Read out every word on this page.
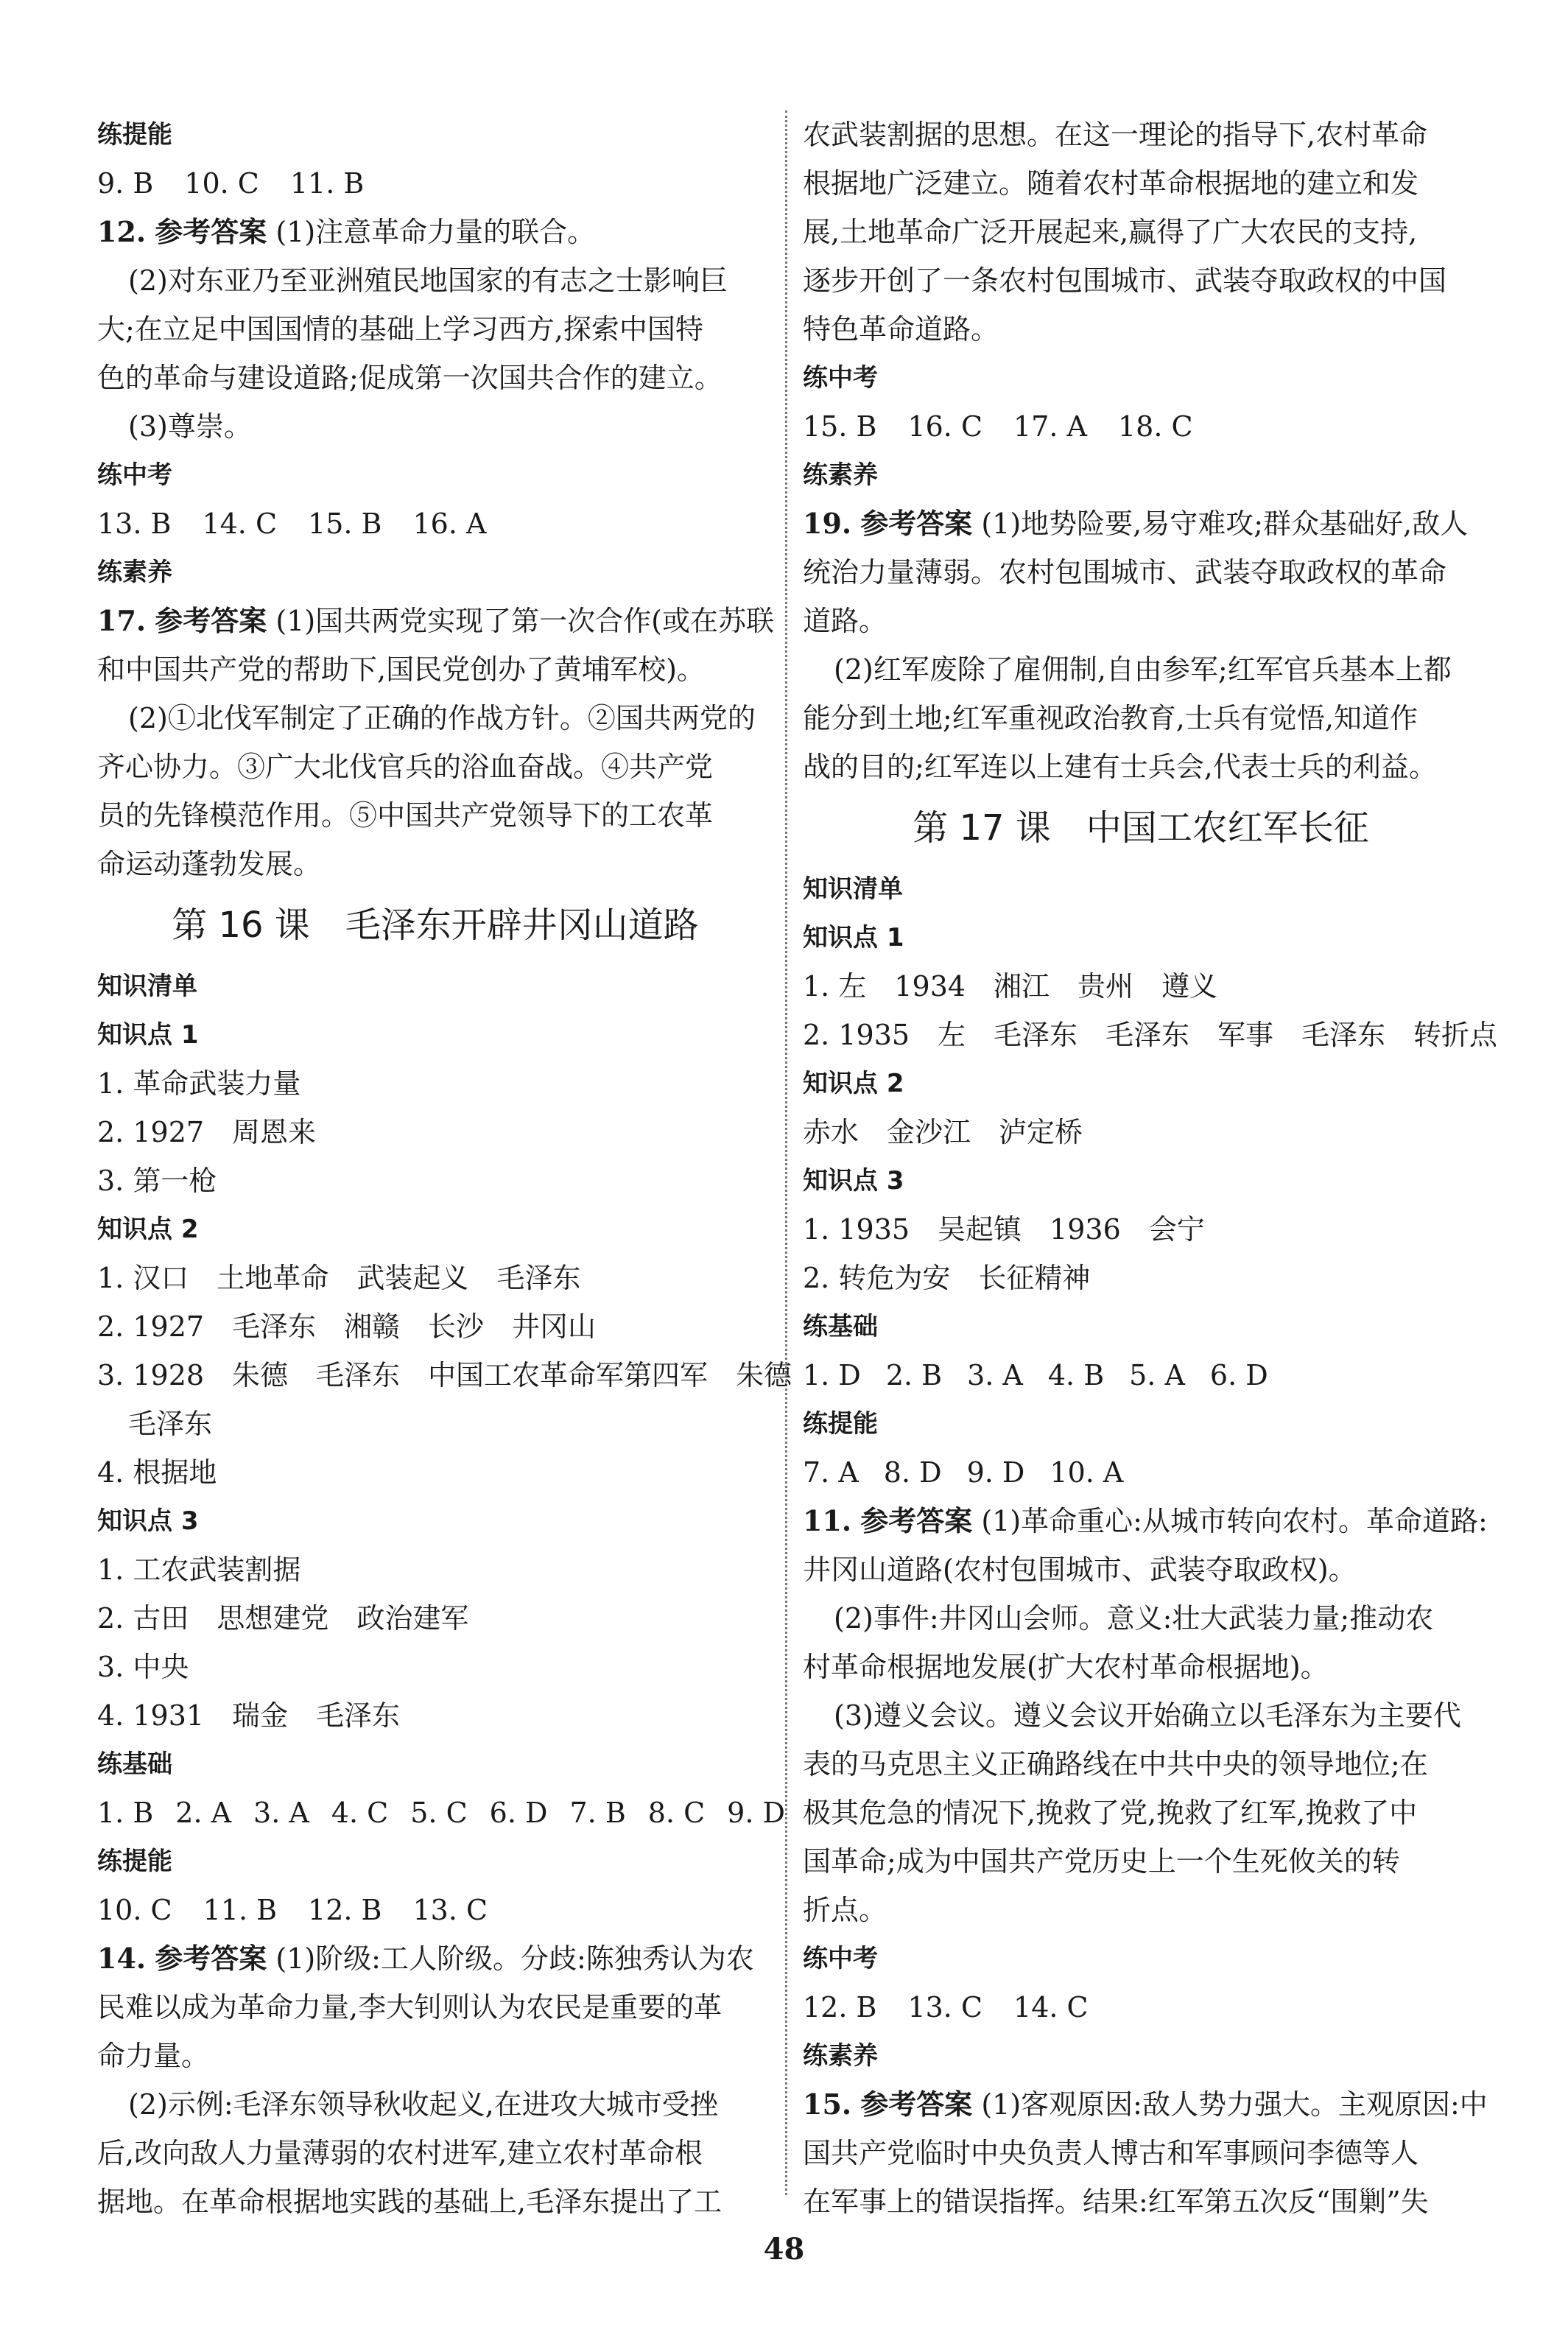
练提能
9. B 10. C 11. B
12. 参考答案 (1)注意革命力量的联合。
(2)对东亚乃至亚洲殖民地国家的有志之士影响巨
大;在立足中国国情的基础上学习西方,探索中国特
色的革命与建设道路;促成第一次国共合作的建立。
(3)尊崇。
练中考
13. B 14. C 15. B 16. A
练素养
17. 参考答案 (1)国共两党实现了第一次合作(或在苏联
和中国共产党的帮助下,国民党创办了黄埔军校)。
(2)①北伐军制定了正确的作战方针。②国共两党的
齐心协力。③广大北伐官兵的浴血奋战。④共产党
员的先锋模范作用。⑤中国共产党领导下的工农革
命运动蓬勃发展。
第 16 课　毛泽东开辟井冈山道路
知识清单
知识点 1
1. 革命武装力量
2. 1927　周恩来
3. 第一枪
知识点 2
1. 汉口　土地革命　武装起义　毛泽东
2. 1927　毛泽东　湘赣　长沙　井冈山
3. 1928　朱德　毛泽东　中国工农革命军第四军　朱德
毛泽东
4. 根据地
知识点 3
1. 工农武装割据
2. 古田　思想建党　政治建军
3. 中央
4. 1931　瑞金　毛泽东
练基础
1. B 2. A 3. A 4. C 5. C 6. D 7. B 8. C 9. D
练提能
10. C 11. B 12. B 13. C
14. 参考答案 (1)阶级:工人阶级。分歧:陈独秀认为农
民难以成为革命力量,李大钊则认为农民是重要的革
命力量。
(2)示例:毛泽东领导秋收起义,在进攻大城市受挫
后,改向敌人力量薄弱的农村进军,建立农村革命根
据地。在革命根据地实践的基础上,毛泽东提出了工
农武装割据的思想。在这一理论的指导下,农村革命
根据地广泛建立。随着农村革命根据地的建立和发
展,土地革命广泛开展起来,赢得了广大农民的支持,
逐步开创了一条农村包围城市、武装夺取政权的中国
特色革命道路。
练中考
15. B 16. C 17. A 18. C
练素养
19. 参考答案 (1)地势险要,易守难攻;群众基础好,敌人
统治力量薄弱。农村包围城市、武装夺取政权的革命
道路。
(2)红军废除了雇佣制,自由参军;红军官兵基本上都
能分到土地;红军重视政治教育,士兵有觉悟,知道作
战的目的;红军连以上建有士兵会,代表士兵的利益。
第 17 课　中国工农红军长征
知识清单
知识点 1
1. 左　1934　湘江　贵州　遵义
2. 1935　左　毛泽东　毛泽东　军事　毛泽东　转折点
知识点 2
赤水　金沙江　泸定桥
知识点 3
1. 1935　吴起镇　1936　会宁
2. 转危为安　长征精神
练基础
1. D 2. B 3. A 4. B 5. A 6. D
练提能
7. A 8. D 9. D 10. A
11. 参考答案 (1)革命重心:从城市转向农村。革命道路:
井冈山道路(农村包围城市、武装夺取政权)。
(2)事件:井冈山会师。意义:壮大武装力量;推动农
村革命根据地发展(扩大农村革命根据地)。
(3)遵义会议。遵义会议开始确立以毛泽东为主要代
表的马克思主义正确路线在中共中央的领导地位;在
极其危急的情况下,挽救了党,挽救了红军,挽救了中
国革命;成为中国共产党历史上一个生死攸关的转
折点。
练中考
12. B 13. C 14. C
练素养
15. 参考答案 (1)客观原因:敌人势力强大。主观原因:中
国共产党临时中央负责人博古和军事顾问李德等人
在军事上的错误指挥。结果:红军第五次反“围剿”失
48
